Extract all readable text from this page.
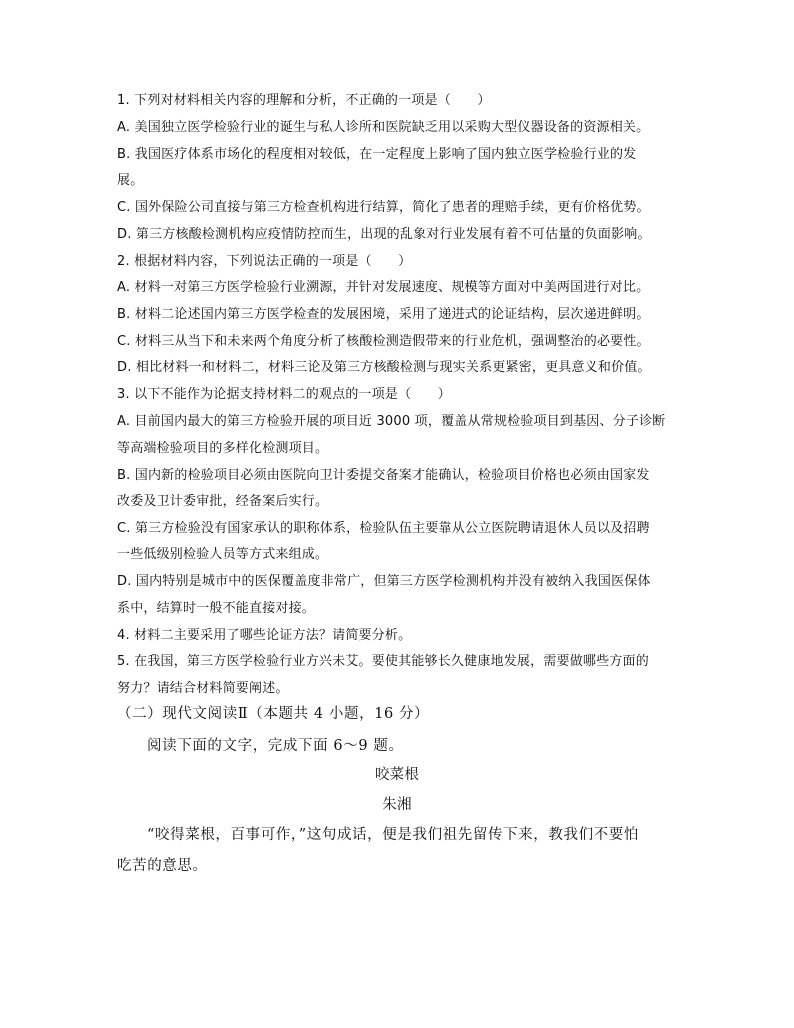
1. 下列对材料相关内容的理解和分析，不正确的一项是（　　）
A. 美国独立医学检验行业的诞生与私人诊所和医院缺乏用以采购大型仪器设备的资源相关。
B. 我国医疗体系市场化的程度相对较低，在一定程度上影响了国内独立医学检验行业的发
展。
C. 国外保险公司直接与第三方检查机构进行结算，简化了患者的理赔手续，更有价格优势。
D. 第三方核酸检测机构应疫情防控而生，出现的乱象对行业发展有着不可估量的负面影响。
2. 根据材料内容，下列说法正确的一项是（　　）
A. 材料一对第三方医学检验行业溯源，并针对发展速度、规模等方面对中美两国进行对比。
B. 材料二论述国内第三方医学检查的发展困境，采用了递进式的论证结构，层次递进鲜明。
C. 材料三从当下和未来两个角度分析了核酸检测造假带来的行业危机，强调整治的必要性。
D. 相比材料一和材料二，材料三论及第三方核酸检测与现实关系更紧密，更具意义和价值。
3. 以下不能作为论据支持材料二的观点的一项是（　　）
A. 目前国内最大的第三方检验开展的项目近 3000 项，覆盖从常规检验项目到基因、分子诊断
等高端检验项目的多样化检测项目。
B. 国内新的检验项目必须由医院向卫计委提交备案才能确认，检验项目价格也必须由国家发
改委及卫计委审批，经备案后实行。
C. 第三方检验没有国家承认的职称体系，检验队伍主要靠从公立医院聘请退休人员以及招聘
一些低级别检验人员等方式来组成。
D. 国内特别是城市中的医保覆盖度非常广，但第三方医学检测机构并没有被纳入我国医保体
系中，结算时一般不能直接对接。
4. 材料二主要采用了哪些论证方法？请简要分析。
5. 在我国，第三方医学检验行业方兴未艾。要使其能够长久健康地发展，需要做哪些方面的
努力？请结合材料简要阐述。
（二）现代文阅读Ⅱ（本题共 4 小题，16 分）
阅读下面的文字，完成下面 6～9 题。
咬菜根
朱湘
“咬得菜根，百事可作，”这句成话，便是我们祖先留传下来，教我们不要怕
吃苦的意思。
